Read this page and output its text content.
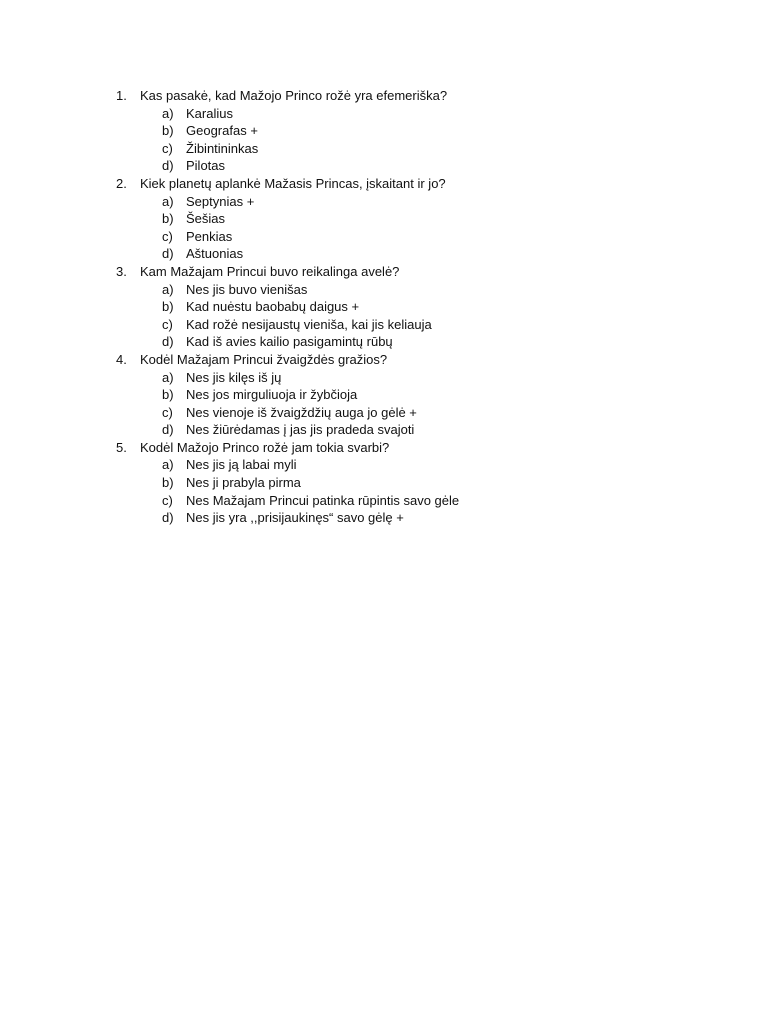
1. Kas pasakė, kad Mažojo Princo rožė yra efemeriška?
a) Karalius
b) Geografas +
c) Žibintininkas
d) Pilotas
2. Kiek planetų aplankė Mažasis Princas, įskaitant ir jo?
a) Septynias +
b) Šešias
c) Penkias
d) Aštuonias
3. Kam Mažajam Princui buvo reikalinga avelė?
a) Nes jis buvo vienišas
b) Kad nuėstu baobabų daigus +
c) Kad rožė nesijaustų vieniša, kai jis keliauja
d) Kad iš avies kailio pasigamintų rūbų
4. Kodėl Mažajam Princui žvaigždės gražios?
a) Nes jis kilęs iš jų
b) Nes jos mirguliuoja ir žybčioja
c) Nes vienoje iš žvaigždžių auga jo gėlė +
d) Nes žiūrėdamas į jas jis pradeda svajoti
5. Kodėl Mažojo Princo rožė jam tokia svarbi?
a) Nes jis ją labai myli
b) Nes ji prabyla pirma
c) Nes Mažajam Princui patinka rūpintis savo gėle
d) Nes jis yra ,,prisijaukinęs“ savo gėlę +
